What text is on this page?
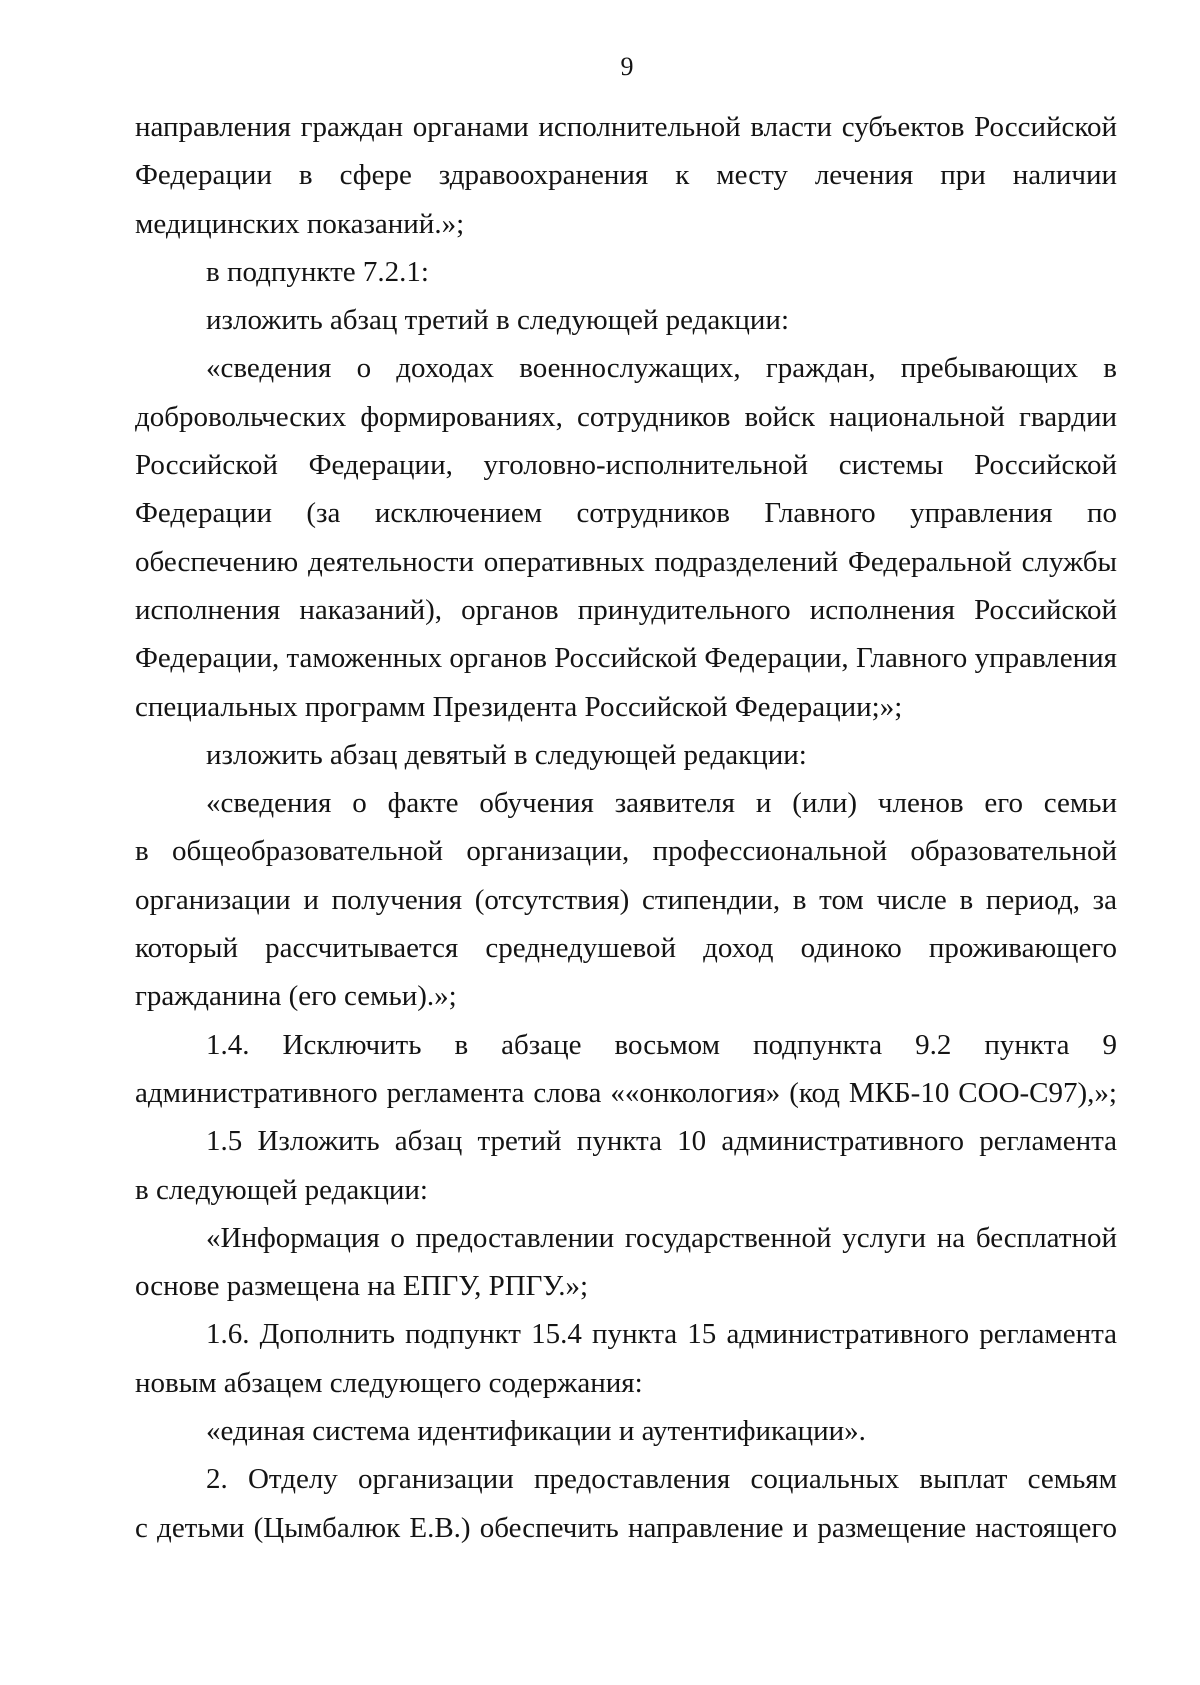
9
направления граждан органами исполнительной власти субъектов Российской
Федерации в сфере здравоохранения к месту лечения при наличии
медицинских показаний.»;
в подпункте 7.2.1:
изложить абзац третий в следующей редакции:
«сведения о доходах военнослужащих, граждан, пребывающих в
добровольческих формированиях, сотрудников войск национальной гвардии
Российской Федерации, уголовно-исполнительной системы Российской
Федерации (за исключением сотрудников Главного управления по
обеспечению деятельности оперативных подразделений Федеральной службы
исполнения наказаний), органов принудительного исполнения Российской
Федерации, таможенных органов Российской Федерации, Главного управления
специальных программ Президента Российской Федерации;»;
изложить абзац девятый в следующей редакции:
«сведения о факте обучения заявителя и (или) членов его семьи
в общеобразовательной организации, профессиональной образовательной
организации и получения (отсутствия) стипендии, в том числе в период, за
который рассчитывается среднедушевой доход одиноко проживающего
гражданина (его семьи).»;
1.4. Исключить в абзаце восьмом подпункта 9.2 пункта 9
административного регламента слова ««онкология» (код МКБ-10 СОО-С97),»;
1.5 Изложить абзац третий пункта 10 административного регламента
в следующей редакции:
«Информация о предоставлении государственной услуги на бесплатной
основе размещена на ЕПГУ, РПГУ.»;
1.6. Дополнить подпункт 15.4 пункта 15 административного регламента
новым абзацем следующего содержания:
«единая система идентификации и аутентификации».
2. Отделу организации предоставления социальных выплат семьям
с детьми (Цымбалюк Е.В.) обеспечить направление и размещение настоящего
